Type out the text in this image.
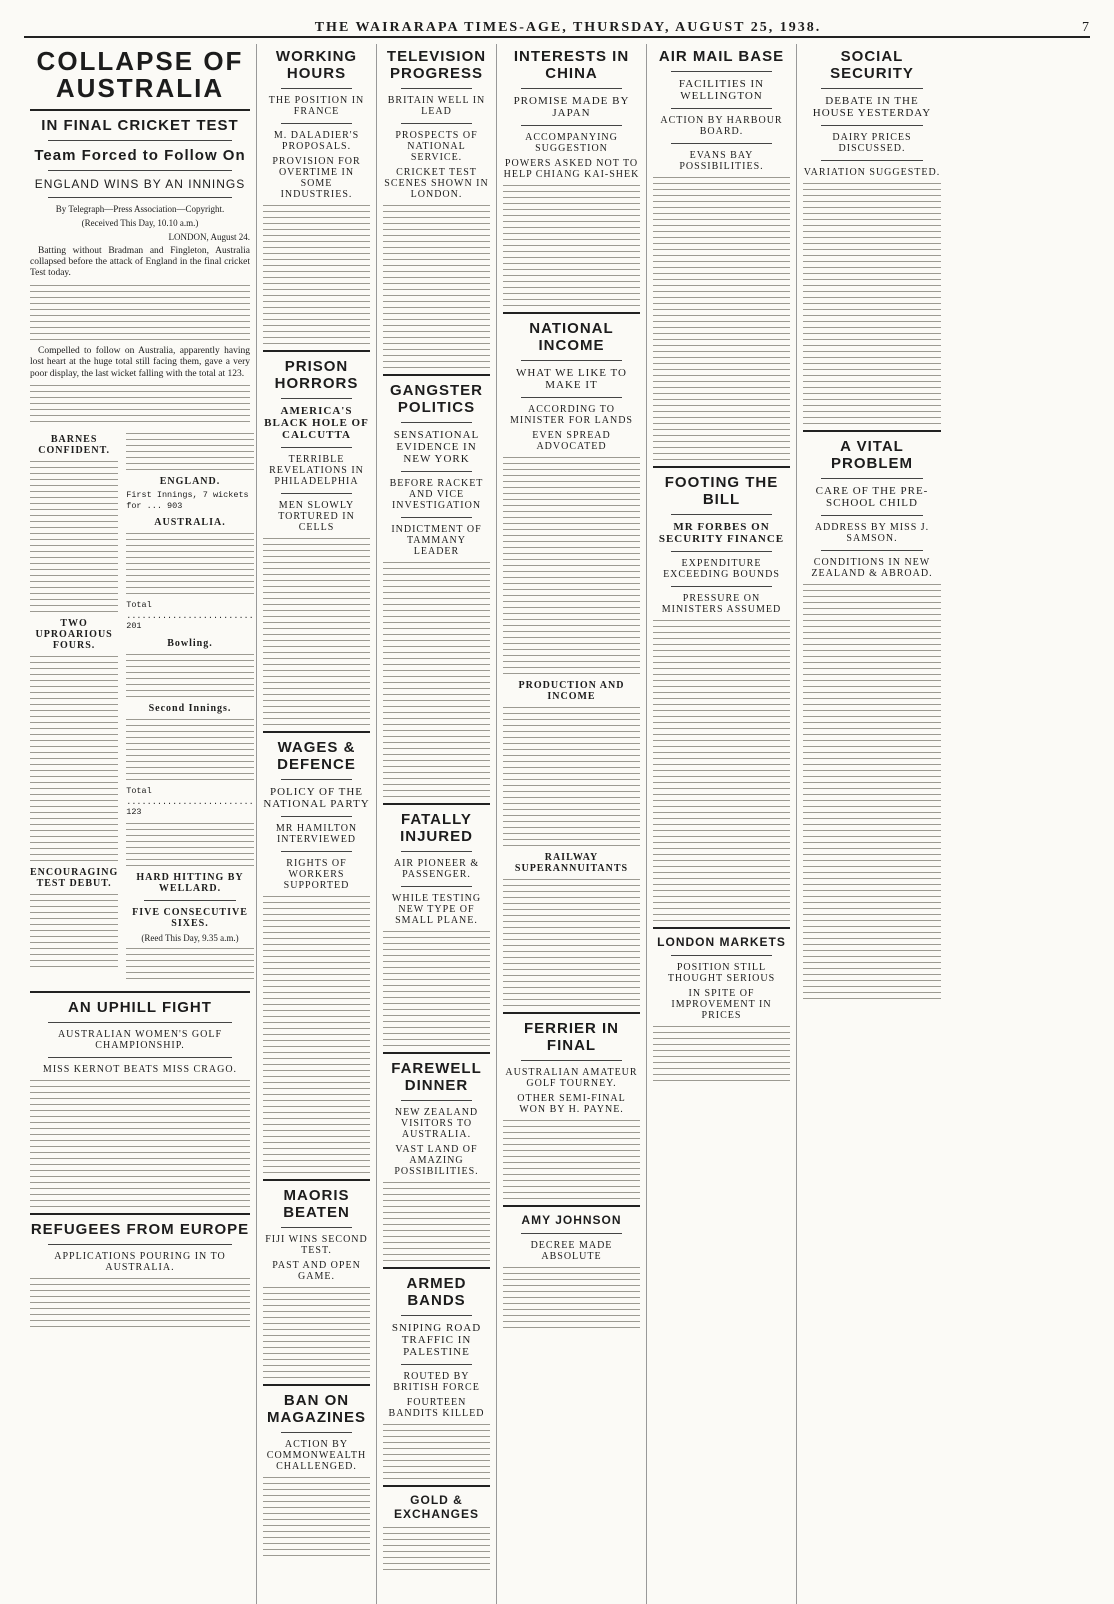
THE WAIRARAPA TIMES-AGE, THURSDAY, AUGUST 25, 1938.	7
COLLAPSE OF AUSTRALIA
IN FINAL CRICKET TEST
Team Forced to Follow On
ENGLAND WINS BY AN INNINGS
By Telegraph—Press Association—Copyright.
(Received This Day, 10.10 a.m.)
LONDON, August 24.

Batting without Bradman and Fingleton, Australia collapsed before the attack of England in the final cricket Test today.

Compelled to follow on Australia, apparently having lost heart at the huge total still facing them, gave a very poor display, the last wicket falling with the total at 123.

BARNES CONFIDENT.
TWO UPROARIOUS FOURS.
ENCOURAGING TEST DEBUT.
ENGLAND.
First Innings, 7 wickets for ... 903
AUSTRALIA.
Total ......................... 201
Bowling.
Second Innings.
Total ......................... 123
HARD HITTING BY WELLARD.
FIVE CONSECUTIVE SIXES.
(Reed This Day, 9.35 a.m.)
AN UPHILL FIGHT
AUSTRALIAN WOMEN'S GOLF CHAMPIONSHIP.
MISS KERNOT BEATS MISS CRAGO.
REFUGEES FROM EUROPE
APPLICATIONS POURING IN TO AUSTRALIA.
WORKING HOURS
THE POSITION IN FRANCE
M. DALADIER'S PROPOSALS.
PROVISION FOR OVERTIME IN SOME INDUSTRIES.
PRISON HORRORS
AMERICA'S BLACK HOLE OF CALCUTTA
TERRIBLE REVELATIONS IN PHILADELPHIA
MEN SLOWLY TORTURED IN CELLS
WAGES & DEFENCE
POLICY OF THE NATIONAL PARTY
MR HAMILTON INTERVIEWED
RIGHTS OF WORKERS SUPPORTED
MAORIS BEATEN
FIJI WINS SECOND TEST.
PAST AND OPEN GAME.
BAN ON MAGAZINES
ACTION BY COMMONWEALTH CHALLENGED.
TELEVISION PROGRESS
BRITAIN WELL IN LEAD
PROSPECTS OF NATIONAL SERVICE.
CRICKET TEST SCENES SHOWN IN LONDON.
GANGSTER POLITICS
SENSATIONAL EVIDENCE IN NEW YORK
BEFORE RACKET AND VICE INVESTIGATION
INDICTMENT OF TAMMANY LEADER
FATALLY INJURED
AIR PIONEER & PASSENGER.
WHILE TESTING NEW TYPE OF SMALL PLANE.
FAREWELL DINNER
NEW ZEALAND VISITORS TO AUSTRALIA.
VAST LAND OF AMAZING POSSIBILITIES.
ARMED BANDS
SNIPING ROAD TRAFFIC IN PALESTINE
ROUTED BY BRITISH FORCE
FOURTEEN BANDITS KILLED
GOLD & EXCHANGES
INTERESTS IN CHINA
PROMISE MADE BY JAPAN
ACCOMPANYING SUGGESTION
POWERS ASKED NOT TO HELP CHIANG KAI-SHEK
NATIONAL INCOME
WHAT WE LIKE TO MAKE IT
ACCORDING TO MINISTER FOR LANDS
EVEN SPREAD ADVOCATED
PRODUCTION AND INCOME
RAILWAY SUPERANNUITANTS
FERRIER IN FINAL
AUSTRALIAN AMATEUR GOLF TOURNEY.
OTHER SEMI-FINAL WON BY H. PAYNE.
AMY JOHNSON
DECREE MADE ABSOLUTE
AIR MAIL BASE
FACILITIES IN WELLINGTON
ACTION BY HARBOUR BOARD.
EVANS BAY POSSIBILITIES.
FOOTING THE BILL
MR FORBES ON SECURITY FINANCE
EXPENDITURE EXCEEDING BOUNDS
PRESSURE ON MINISTERS ASSUMED
LONDON MARKETS
POSITION STILL THOUGHT SERIOUS
IN SPITE OF IMPROVEMENT IN PRICES
SOCIAL SECURITY
DEBATE IN THE HOUSE YESTERDAY
DAIRY PRICES DISCUSSED.
VARIATION SUGGESTED.
A VITAL PROBLEM
CARE OF THE PRE-SCHOOL CHILD
ADDRESS BY MISS J. SAMSON.
CONDITIONS IN NEW ZEALAND & ABROAD.
